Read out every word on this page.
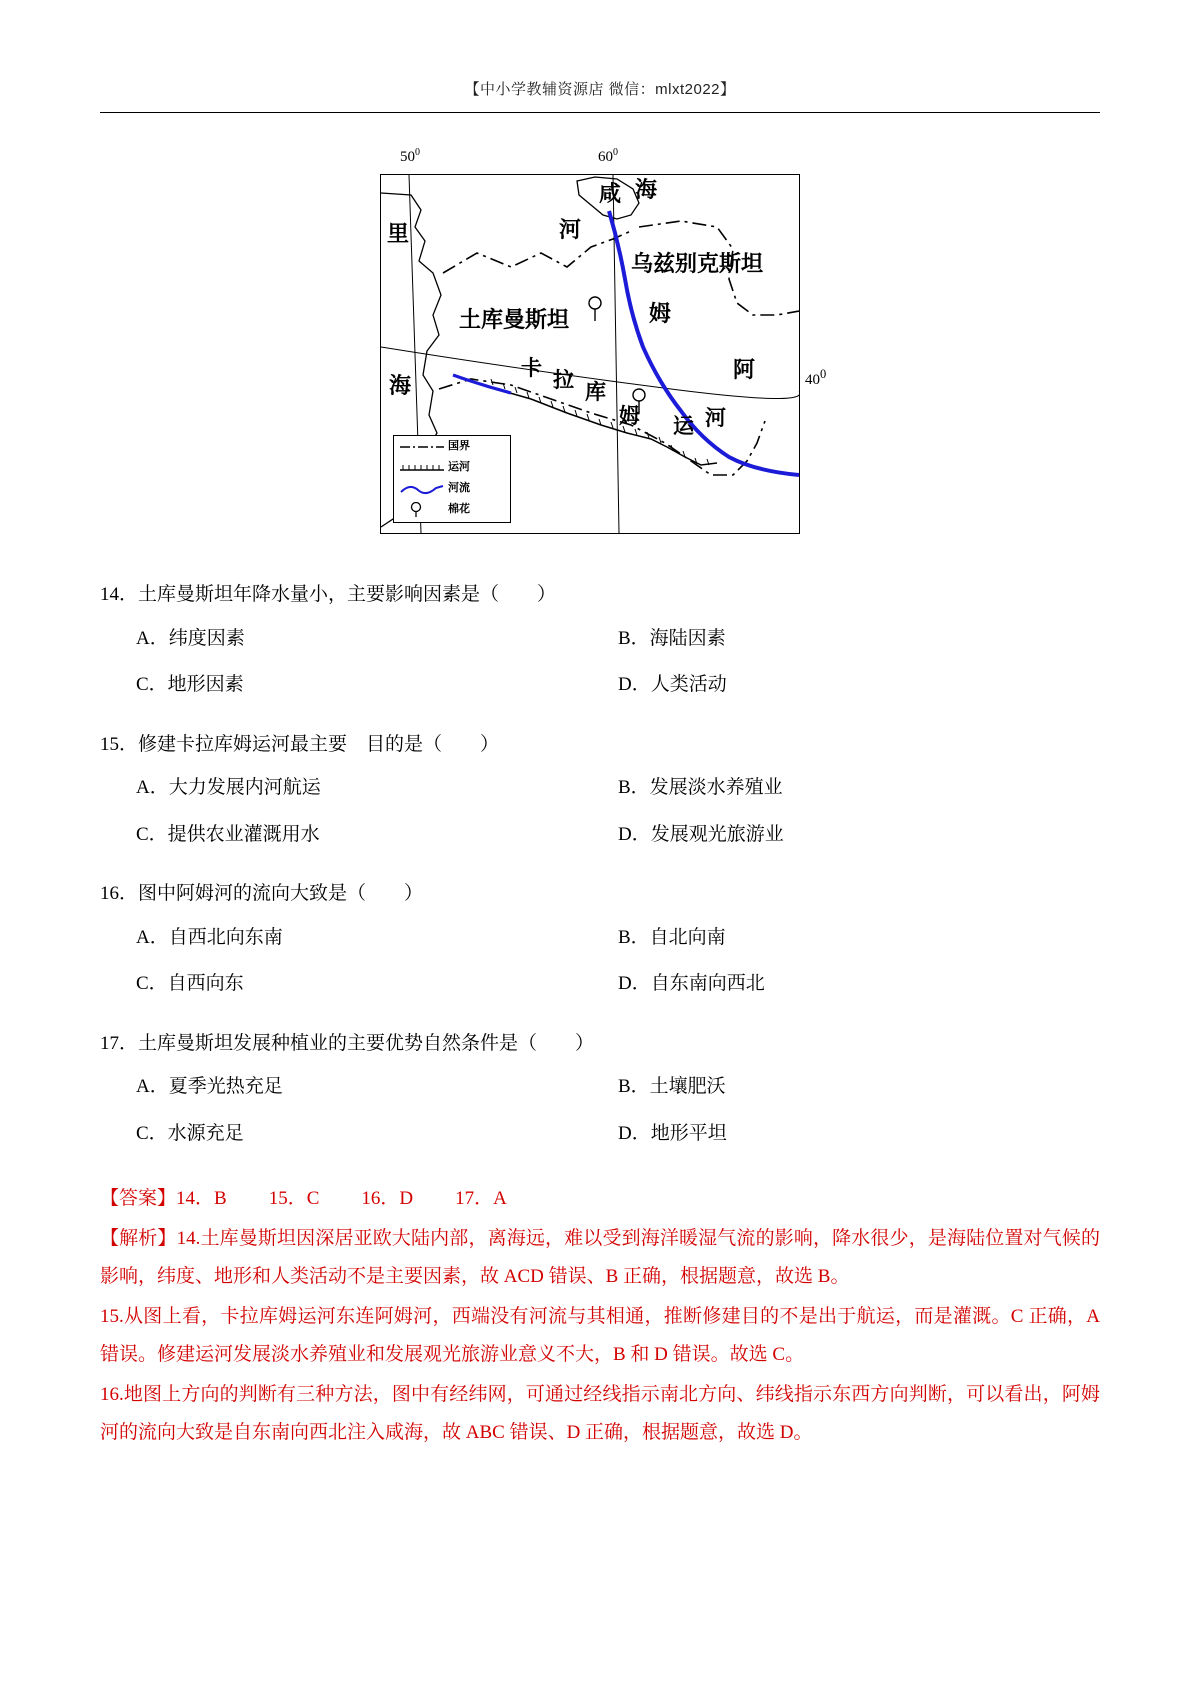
【中小学教辅资源店 微信：mlxt2022】
$50^0$	$60^0$
$40^0$
咸 海
里	河
乌兹别克斯坦
姆
土库曼斯坦
海
卡
拉
库
姆 运 河
阿
国界
运河
河流
棉花
14．土库曼斯坦年降水量小，主要影响因素是（　　）
A．纬度因素	B．海陆因素
C．地形因素	D．人类活动
15．修建卡拉库姆运河最主要　目的是（　　）
A．大力发展内河航运	B．发展淡水养殖业
C．提供农业灌溉用水	D．发展观光旅游业
16．图中阿姆河的流向大致是（　　）
A．自西北向东南	B．自北向南
C．自西向东	D．自东南向西北
17．土库曼斯坦发展种植业的主要优势自然条件是（　　）
A．夏季光热充足	B．土壤肥沃
C．水源充足	D．地形平坦
【答案】14．B 15．C 16．D 17．A

【解析】14.土库曼斯坦因深居亚欧大陆内部，离海远，难以受到海洋暖湿气流的影响，降水很少，是海陆位置对气候的影响，纬度、地形和人类活动不是主要因素，故 ACD 错误、B 正确，根据题意，故选 B。

15.从图上看，卡拉库姆运河东连阿姆河，西端没有河流与其相通，推断修建目的不是出于航运，而是灌溉。C 正确，A 错误。修建运河发展淡水养殖业和发展观光旅游业意义不大，B 和 D 错误。故选 C。

16.地图上方向的判断有三种方法，图中有经纬网，可通过经线指示南北方向、纬线指示东西方向判断，可以看出，阿姆河的流向大致是自东南向西北注入咸海，故 ABC 错误、D 正确，根据题意，故选 D。
